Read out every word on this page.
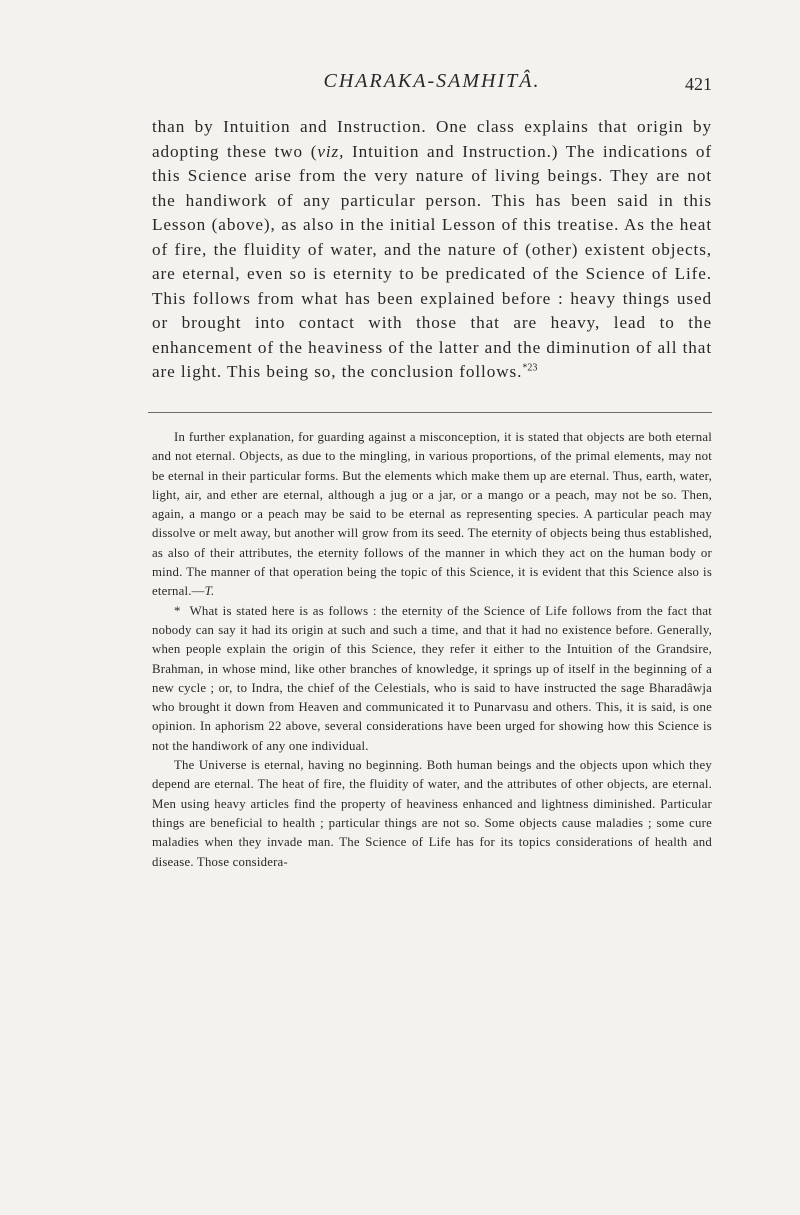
CHARAKA-SAMHITÂ.	421

than by Intuition and Instruction. One class explains that origin by adopting these two (viz, Intuition and Instruction.) The indications of this Science arise from the very nature of living beings. They are not the handiwork of any particular person. This has been said in this Lesson (above), as also in the initial Lesson of this treatise. As the heat of fire, the fluidity of water, and the nature of (other) existent objects, are eternal, even so is eternity to be predicated of the Science of Life. This follows from what has been explained before : heavy things used or brought into contact with those that are heavy, lead to the enhancement of the heaviness of the latter and the diminution of all that are light. This being so, the conclusion follows.$^{*23}$

In further explanation, for guarding against a misconception, it is stated that objects are both eternal and not eternal. Objects, as due to the mingling, in various proportions, of the primal elements, may not be eternal in their particular forms. But the elements which make them up are eternal. Thus, earth, water, light, air, and ether are eternal, although a jug or a jar, or a mango or a peach, may not be so. Then, again, a mango or a peach may be said to be eternal as representing species. A particular peach may dissolve or melt away, but another will grow from its seed. The eternity of objects being thus established, as also of their attributes, the eternity follows of the manner in which they act on the human body or mind. The manner of that operation being the topic of this Science, it is evident that this Science also is eternal.—T.

* What is stated here is as follows : the eternity of the Science of Life follows from the fact that nobody can say it had its origin at such and such a time, and that it had no existence before. Generally, when people explain the origin of this Science, they refer it either to the Intuition of the Grandsire, Brahman, in whose mind, like other branches of knowledge, it springs up of itself in the beginning of a new cycle ; or, to Indra, the chief of the Celestials, who is said to have instructed the sage Bharadâwja who brought it down from Heaven and communicated it to Punarvasu and others. This, it is said, is one opinion. In aphorism 22 above, several considerations have been urged for showing how this Science is not the handiwork of any one individual.

The Universe is eternal, having no beginning. Both human beings and the objects upon which they depend are eternal. The heat of fire, the fluidity of water, and the attributes of other objects, are eternal. Men using heavy articles find the property of heaviness enhanced and lightness diminished. Particular things are beneficial to health ; particular things are not so. Some objects cause maladies ; some cure maladies when they invade man. The Science of Life has for its topics considerations of health and disease. Those considera-
